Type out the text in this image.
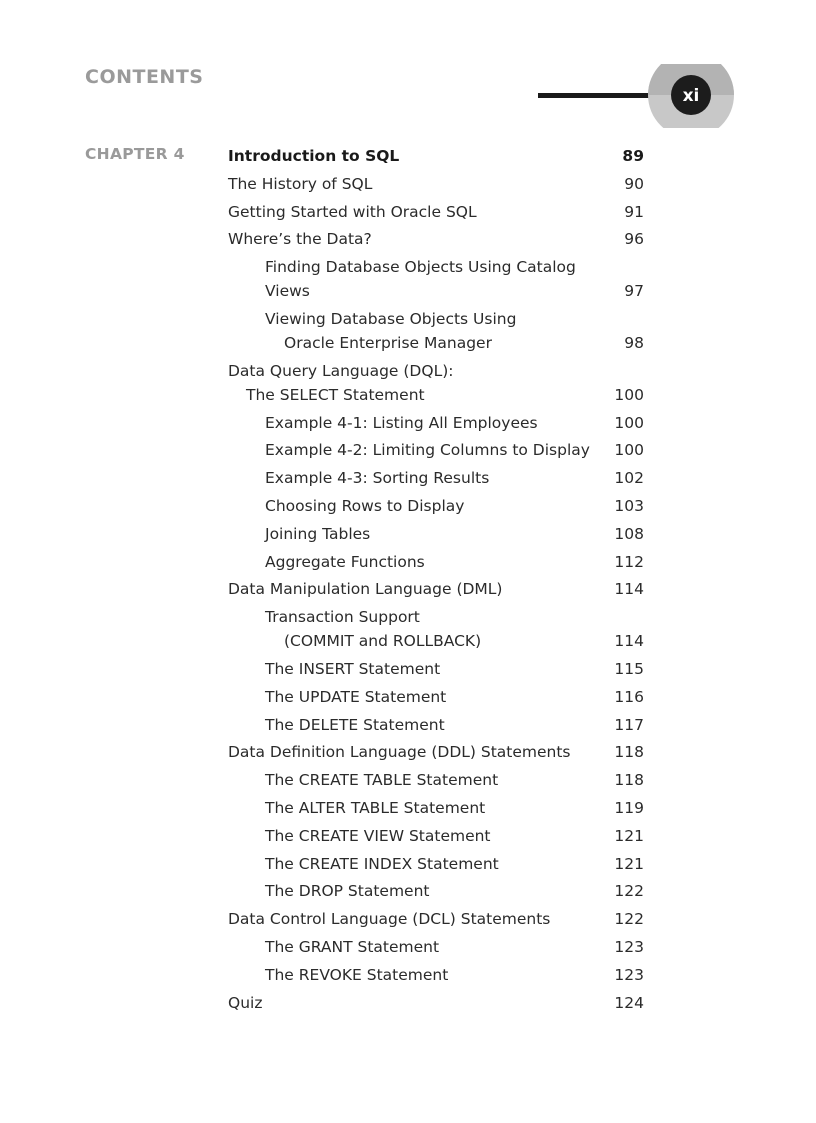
CONTENTS
xi
CHAPTER 4	Introduction to SQL	89
The History of SQL	90
Getting Started with Oracle SQL	91
Where’s the Data?	96
Finding Database Objects Using Catalog Views	97
Viewing Database Objects Using
Oracle Enterprise Manager	98
Data Query Language (DQL):
The SELECT Statement	100
Example 4-1: Listing All Employees	100
Example 4-2: Limiting Columns to Display	100
Example 4-3: Sorting Results	102
Choosing Rows to Display	103
Joining Tables	108
Aggregate Functions	112
Data Manipulation Language (DML)	114
Transaction Support
(COMMIT and ROLLBACK)	114
The INSERT Statement	115
The UPDATE Statement	116
The DELETE Statement	117
Data Definition Language (DDL) Statements	118
The CREATE TABLE Statement	118
The ALTER TABLE Statement	119
The CREATE VIEW Statement	121
The CREATE INDEX Statement	121
The DROP Statement	122
Data Control Language (DCL) Statements	122
The GRANT Statement	123
The REVOKE Statement	123
Quiz	124
